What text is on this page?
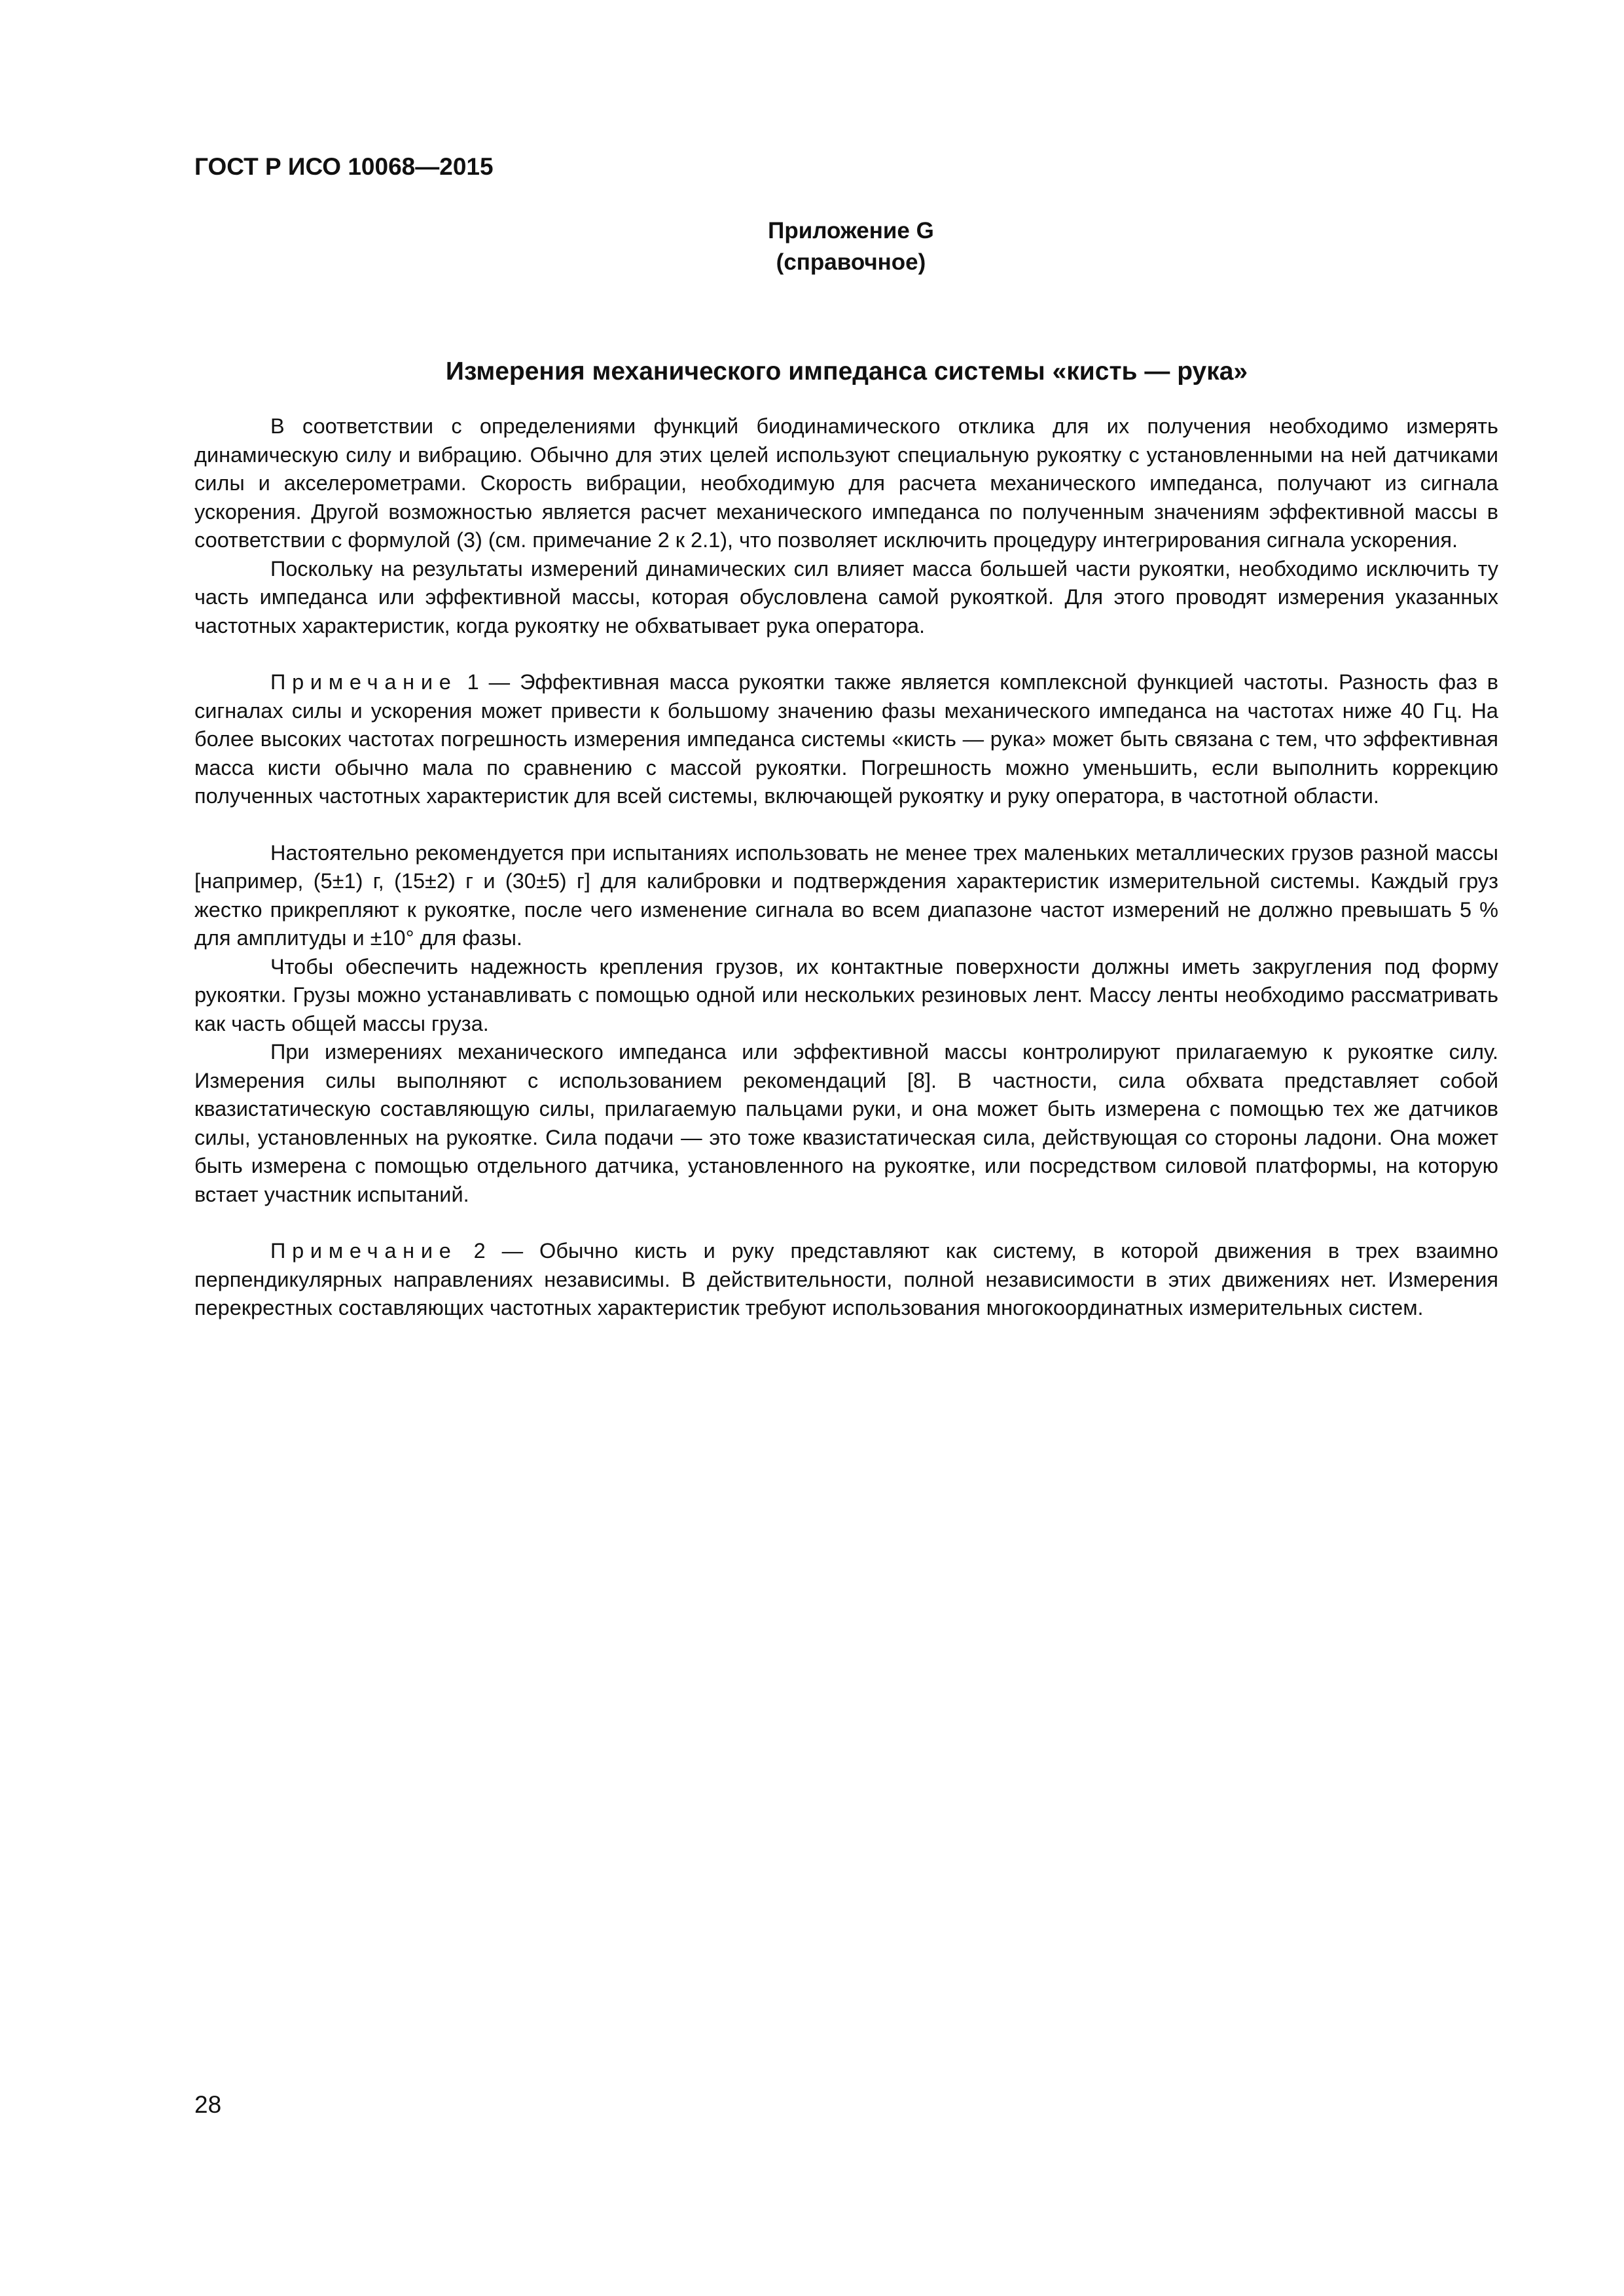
ГОСТ Р ИСО 10068—2015
Приложение G
(справочное)
Измерения механического импеданса системы «кисть — рука»

В соответствии с определениями функций биодинамического отклика для их получения необходимо измерять динамическую силу и вибрацию. Обычно для этих целей используют специальную рукоятку с установленными на ней датчиками силы и акселерометрами. Скорость вибрации, необходимую для расчета механического импеданса, получают из сигнала ускорения. Другой возможностью является расчет механического импеданса по полученным значениям эффективной массы в соответствии с формулой (3) (см. примечание 2 к 2.1), что позволяет исключить процедуру интегрирования сигнала ускорения.

Поскольку на результаты измерений динамических сил влияет масса большей части рукоятки, необходимо исключить ту часть импеданса или эффективной массы, которая обусловлена самой рукояткой. Для этого проводят измерения указанных частотных характеристик, когда рукоятку не обхватывает рука оператора.

Примечание 1 — Эффективная масса рукоятки также является комплексной функцией частоты. Разность фаз в сигналах силы и ускорения может привести к большому значению фазы механического импеданса на частотах ниже 40 Гц. На более высоких частотах погрешность измерения импеданса системы «кисть — рука» может быть связана с тем, что эффективная масса кисти обычно мала по сравнению с массой рукоятки. Погрешность можно уменьшить, если выполнить коррекцию полученных частотных характеристик для всей системы, включающей рукоятку и руку оператора, в частотной области.

Настоятельно рекомендуется при испытаниях использовать не менее трех маленьких металлических грузов разной массы [например, (5±1) г, (15±2) г и (30±5) г] для калибровки и подтверждения характеристик измерительной системы. Каждый груз жестко прикрепляют к рукоятке, после чего изменение сигнала во всем диапазоне частот измерений не должно превышать 5 % для амплитуды и ±10° для фазы.

Чтобы обеспечить надежность крепления грузов, их контактные поверхности должны иметь закругления под форму рукоятки. Грузы можно устанавливать с помощью одной или нескольких резиновых лент. Массу ленты необходимо рассматривать как часть общей массы груза.

При измерениях механического импеданса или эффективной массы контролируют прилагаемую к рукоятке силу. Измерения силы выполняют с использованием рекомендаций [8]. В частности, сила обхвата представляет собой квазистатическую составляющую силы, прилагаемую пальцами руки, и она может быть измерена с помощью тех же датчиков силы, установленных на рукоятке. Сила подачи — это тоже квазистатическая сила, действующая со стороны ладони. Она может быть измерена с помощью отдельного датчика, установленного на рукоятке, или посредством силовой платформы, на которую встает участник испытаний.

Примечание 2 — Обычно кисть и руку представляют как систему, в которой движения в трех взаимно перпендикулярных направлениях независимы. В действительности, полной независимости в этих движениях нет. Измерения перекрестных составляющих частотных характеристик требуют использования многокоординатных измерительных систем.

28
